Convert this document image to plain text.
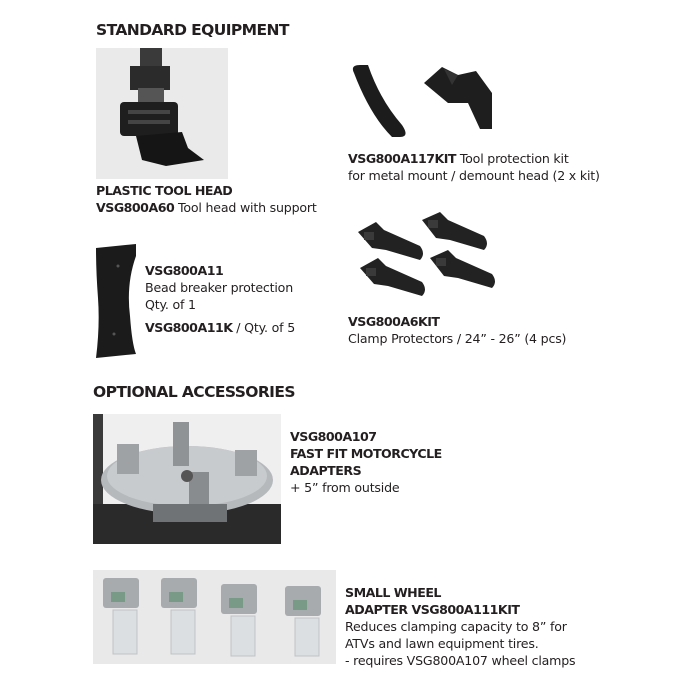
STANDARD EQUIPMENT
PLASTIC TOOL HEAD
VSG800A60 Tool head with support
VSG800A117KIT Tool protection kit
for metal mount / demount head (2 x kit)
VSG800A11
Bead breaker protection
Qty. of 1
VSG800A11K / Qty. of 5	VSG800A6KIT
Clamp Protectors / 24” - 26” (4 pcs)
OPTIONAL ACCESSORIES
VSG800A107
FAST FIT MOTORCYCLE
ADAPTERS
+ 5” from outside
SMALL WHEEL
ADAPTER VSG800A111KIT
Reduces clamping capacity to 8” for
ATVs and lawn equipment tires.
- requires VSG800A107 wheel clamps
